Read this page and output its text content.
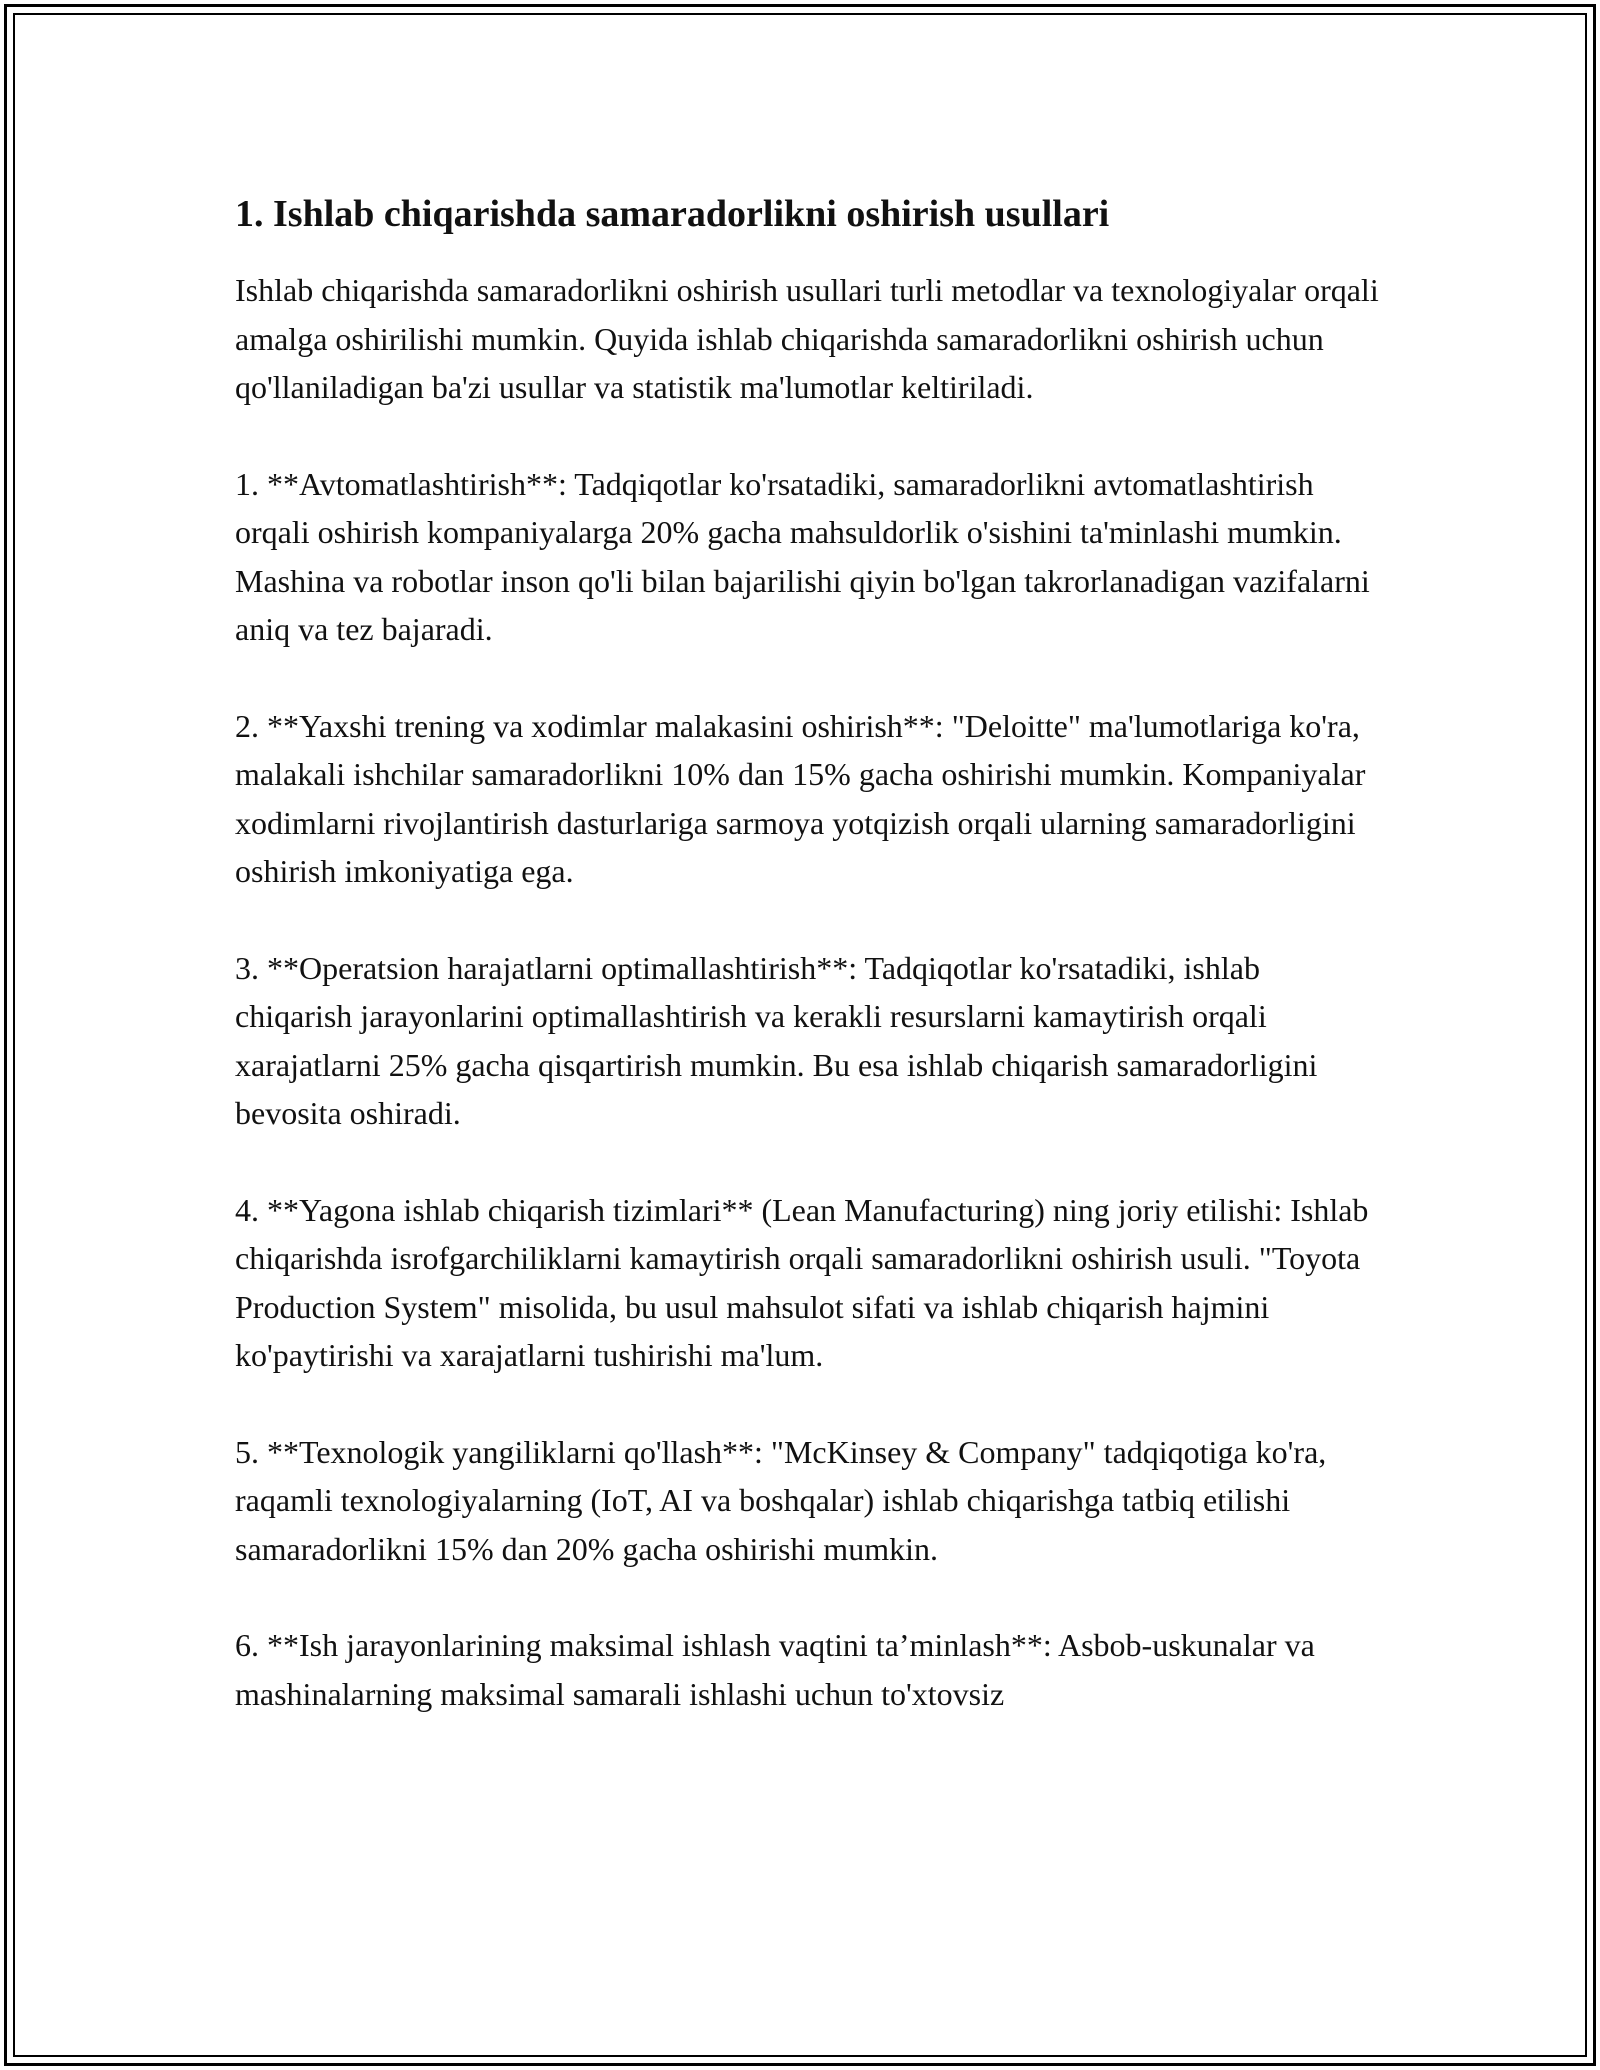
1. Ishlab chiqarishda samaradorlikni oshirish usullari

Ishlab chiqarishda samaradorlikni oshirish usullari turli metodlar va texnologiyalar orqali amalga oshirilishi mumkin. Quyida ishlab chiqarishda samaradorlikni oshirish uchun qo'llaniladigan ba'zi usullar va statistik ma'lumotlar keltiriladi.

1. **Avtomatlashtirish**: Tadqiqotlar ko'rsatadiki, samaradorlikni avtomatlashtirish orqali oshirish kompaniyalarga 20% gacha mahsuldorlik o'sishini ta'minlashi mumkin. Mashina va robotlar inson qo'li bilan bajarilishi qiyin bo'lgan takrorlanadigan vazifalarni aniq va tez bajaradi.

2. **Yaxshi trening va xodimlar malakasini oshirish**: "Deloitte" ma'lumotlariga ko'ra, malakali ishchilar samaradorlikni 10% dan 15% gacha oshirishi mumkin. Kompaniyalar xodimlarni rivojlantirish dasturlariga sarmoya yotqizish orqali ularning samaradorligini oshirish imkoniyatiga ega.

3. **Operatsion harajatlarni optimallashtirish**: Tadqiqotlar ko'rsatadiki, ishlab chiqarish jarayonlarini optimallashtirish va kerakli resurslarni kamaytirish orqali xarajatlarni 25% gacha qisqartirish mumkin. Bu esa ishlab chiqarish samaradorligini bevosita oshiradi.

4. **Yagona ishlab chiqarish tizimlari** (Lean Manufacturing) ning joriy etilishi: Ishlab chiqarishda isrofgarchiliklarni kamaytirish orqali samaradorlikni oshirish usuli. "Toyota Production System" misolida, bu usul mahsulot sifati va ishlab chiqarish hajmini ko'paytirishi va xarajatlarni tushirishi ma'lum.

5. **Texnologik yangiliklarni qo'llash**: "McKinsey & Company" tadqiqotiga ko'ra, raqamli texnologiyalarning (IoT, AI va boshqalar) ishlab chiqarishga tatbiq etilishi samaradorlikni 15% dan 20% gacha oshirishi mumkin.

6. **Ish jarayonlarining maksimal ishlash vaqtini ta’minlash**: Asbob-uskunalar va mashinalarning maksimal samarali ishlashi uchun to'xtovsiz
